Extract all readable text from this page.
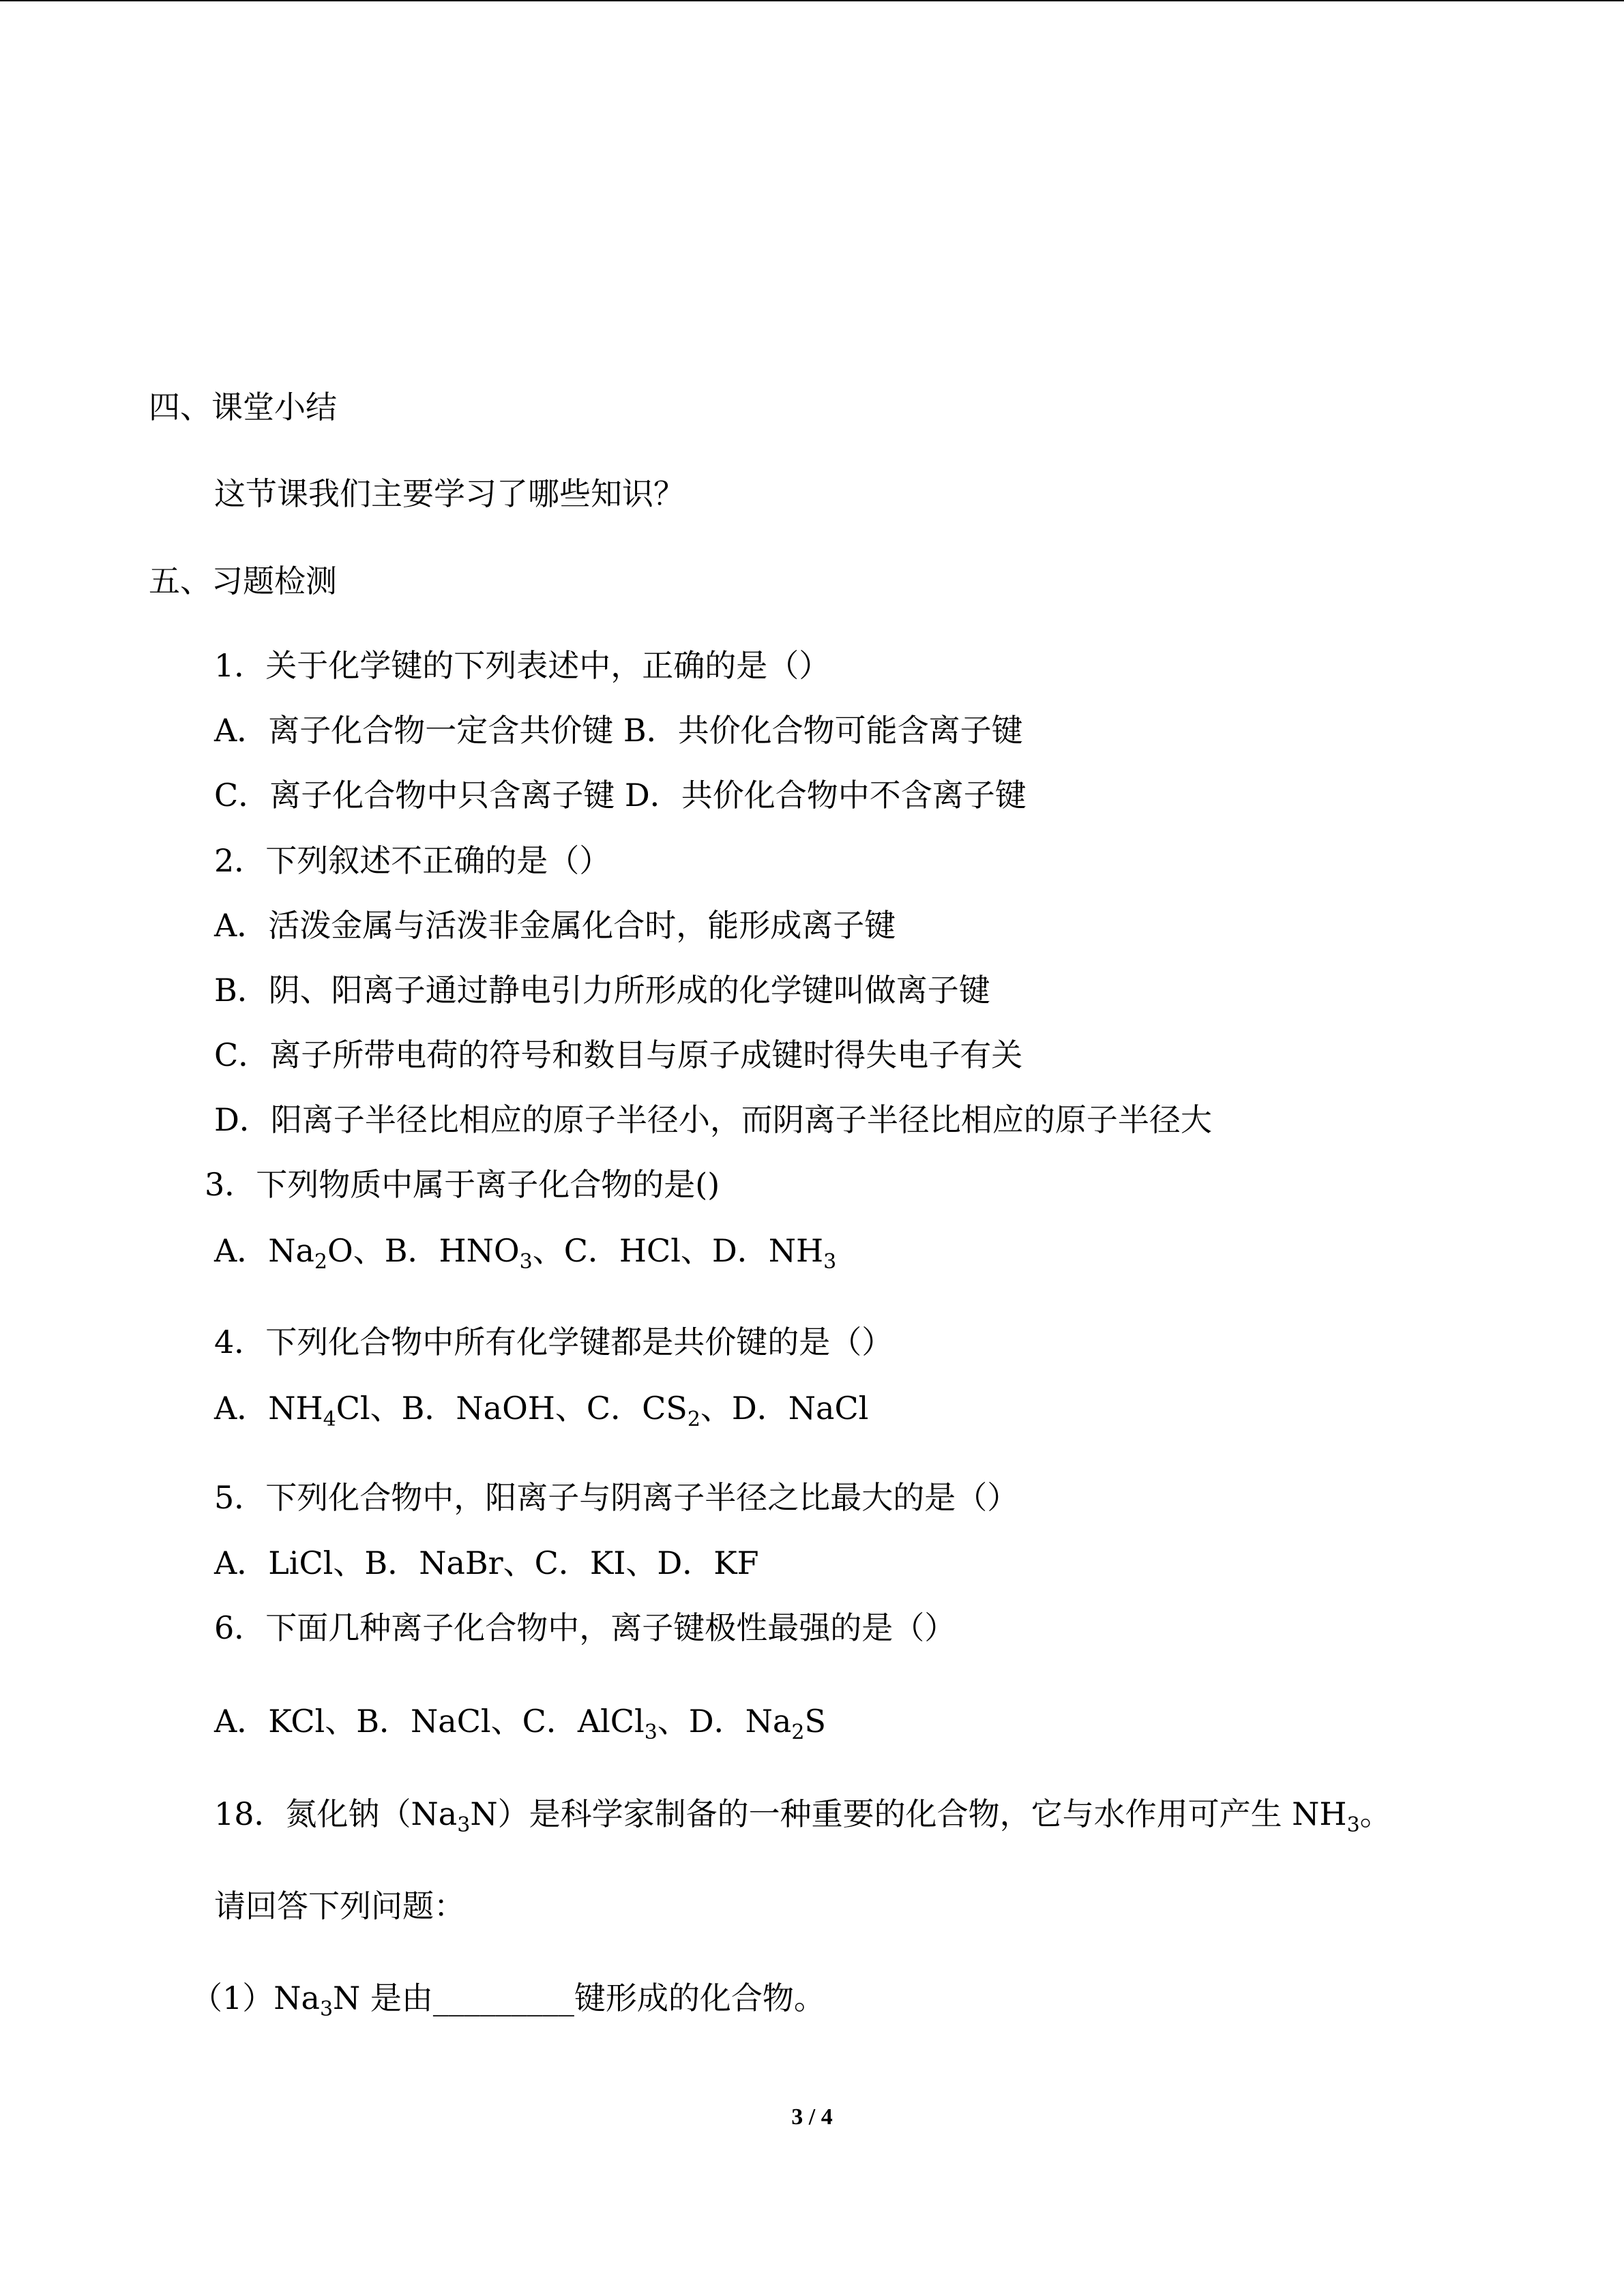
四、课堂小结
这节课我们主要学习了哪些知识？
五、习题检测
1．关于化学键的下列表述中，正确的是（）
A．离子化合物一定含共价键 B．共价化合物可能含离子键
C．离子化合物中只含离子键 D．共价化合物中不含离子键
2．下列叙述不正确的是（）
A．活泼金属与活泼非金属化合时，能形成离子键
B．阴、阳离子通过静电引力所形成的化学键叫做离子键
C．离子所带电荷的符号和数目与原子成键时得失电子有关
D．阳离子半径比相应的原子半径小，而阴离子半径比相应的原子半径大
3．下列物质中属于离子化合物的是()
A．$Na_2O$、B．$HNO_3$、C．HCl、D．$NH_3$
4．下列化合物中所有化学键都是共价键的是（）
A．$NH_4Cl$、B．NaOH、C．$CS_2$、D．NaCl
5．下列化合物中，阳离子与阴离子半径之比最大的是（）
A．LiCl、B．NaBr、C．KI、D．KF
6．下面几种离子化合物中，离子键极性最强的是（）
A．KCl、B．NaCl、C．AlCl$_3$、D．$Na_2S$
18．氮化钠$(Na_3N)$是科学家制备的一种重要的化合物，它与水作用可产生 $NH_3$。
请回答下列问题：
$(1)Na_3N$ 是由_________键形成的化合物。
3 / 4
